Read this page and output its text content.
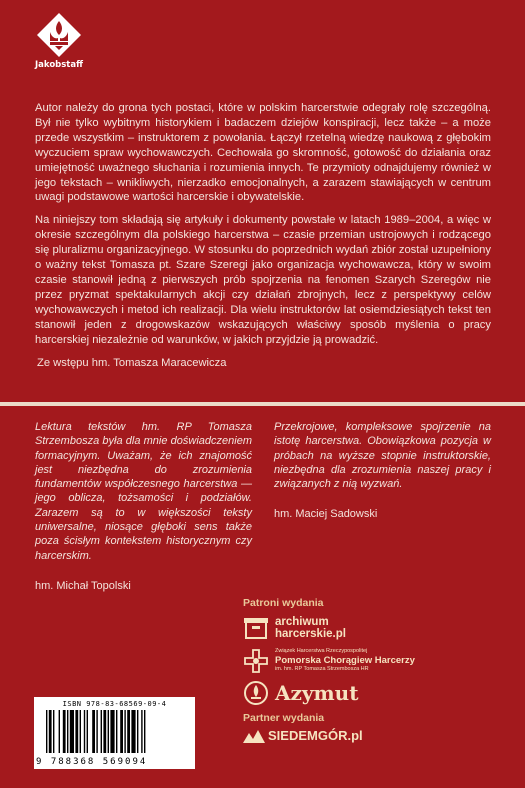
Jakobstaff

Autor należy do grona tych postaci, które w polskim harcerstwie odegrały rolę szczególną. Był nie tylko wybitnym historykiem i badaczem dziejów konspiracji, lecz także – a może przede wszystkim – instruktorem z powołania. Łączył rzetelną wiedzę naukową z głębokim wyczuciem spraw wychowawczych. Cechowała go skromność, gotowość do działania oraz umiejętność uważnego słuchania i rozumienia innych. Te przymioty odnajdujemy również w jego tekstach – wnikliwych, nierzadko emocjonalnych, a zarazem stawiających w centrum uwagi podstawowe wartości harcerskie i obywatelskie.

Na niniejszy tom składają się artykuły i dokumenty powstałe w latach 1989–2004, a więc w okresie szczególnym dla polskiego harcerstwa – czasie przemian ustrojowych i rodzącego się pluralizmu organizacyjnego. W stosunku do poprzednich wydań zbiór został uzupełniony o ważny tekst Tomasza pt. Szare Szeregi jako organizacja wychowawcza, który w swoim czasie stanowił jedną z pierwszych prób spojrzenia na fenomen Szarych Szeregów nie przez pryzmat spektakularnych akcji czy działań zbrojnych, lecz z perspektywy celów wychowawczych i metod ich realizacji. Dla wielu instruktorów lat osiemdziesiątych tekst ten stanowił jeden z drogowskazów wskazujących właściwy sposób myślenia o pracy harcerskiej niezależnie od warunków, w jakich przyjdzie ją prowadzić.

Ze wstępu hm. Tomasza Maracewicza

Lektura tekstów hm. RP Tomasza Strzembosza była dla mnie doświadczeniem formacyjnym. Uważam, że ich znajomość jest niezbędna do zrozumienia fundamentów współczesnego harcerstwa — jego oblicza, tożsamości i podziałów. Zarazem są to w większości teksty uniwersalne, niosące głęboki sens także poza ścisłym kontekstem historycznym czy harcerskim.

hm. Michał Topolski

Przekrojowe, kompleksowe spojrzenie na istotę harcerstwa. Obowiązkowa pozycja w próbach na wyższe stopnie instruktorskie, niezbędna dla zrozumienia naszej pracy i związanych z nią wyzwań.

hm. Maciej Sadowski

Patroni wydania
archiwum
harcerskie.pl
Związek Harcerstwa Rzeczypospolitej
Pomorska Chorągiew Harcerzy
im. hm. RP Tomasza Strzembosza HR
Azymut
Partner wydania
SIEDEMGÓR.pl
ISBN 978-83-68569-09-4
9 788368 569094
